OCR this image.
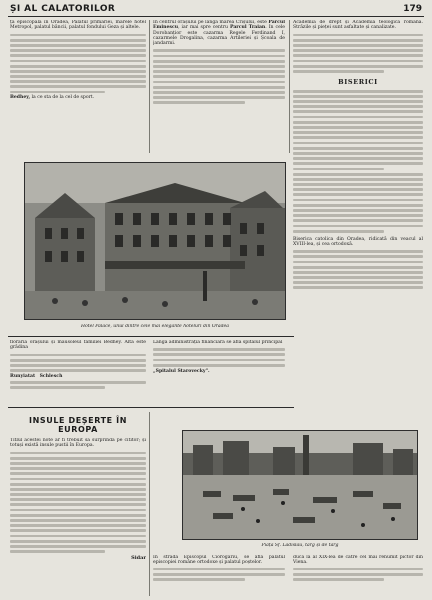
ȘI AL CĂLĂTORILOR	179
ță episcopală în Oradea, Palatul primăriei, marele hotel Metropol, palatul băncii, palatul fondului Geza și altele.
Bedhey, la ce sta de la cel de sport.
In centrul orașului pe lângă marea Crișului, este Parcul Eminescu, iar mai spre centru Parcul Traian. In cele Dorobanțior este cazarma Regele Ferdinand I, cazarmele Drogalina, cazarma Artileriei și Școala de jandarmi.
Academia de drept și Academia teologică română. Străzile și pieței sunt asfaltate și canalizate.
BISERICI
Biserica catolica din Oradea, ridicată din veacul al XVIII-lea, și cea ortodoxă.
Hotel Palace, unul dintre cele mai elegante hoteluri din Oradea
florăria orașului și mausoleul familiei Bedhey. Alta este grădina
Runyiatat Schlesch
Lângă administrația financiară se află spitalul principal
„Spitalul Starovecky".
INSULE DEȘERTE ÎN EUROPA
Titlul acestei note ar fi trebuit să surprindă pe cititor; și totuși există insule pustii în Europa.
Sidar
Piața Sf. Ladislau, târg și de târg
In strada Episcopul Ciorogariu, se află palatul episcopiei române ortodoxe și palatul poștelor.
ducă la al XIX-lea de către cel mai renumit pictor din Viena.
